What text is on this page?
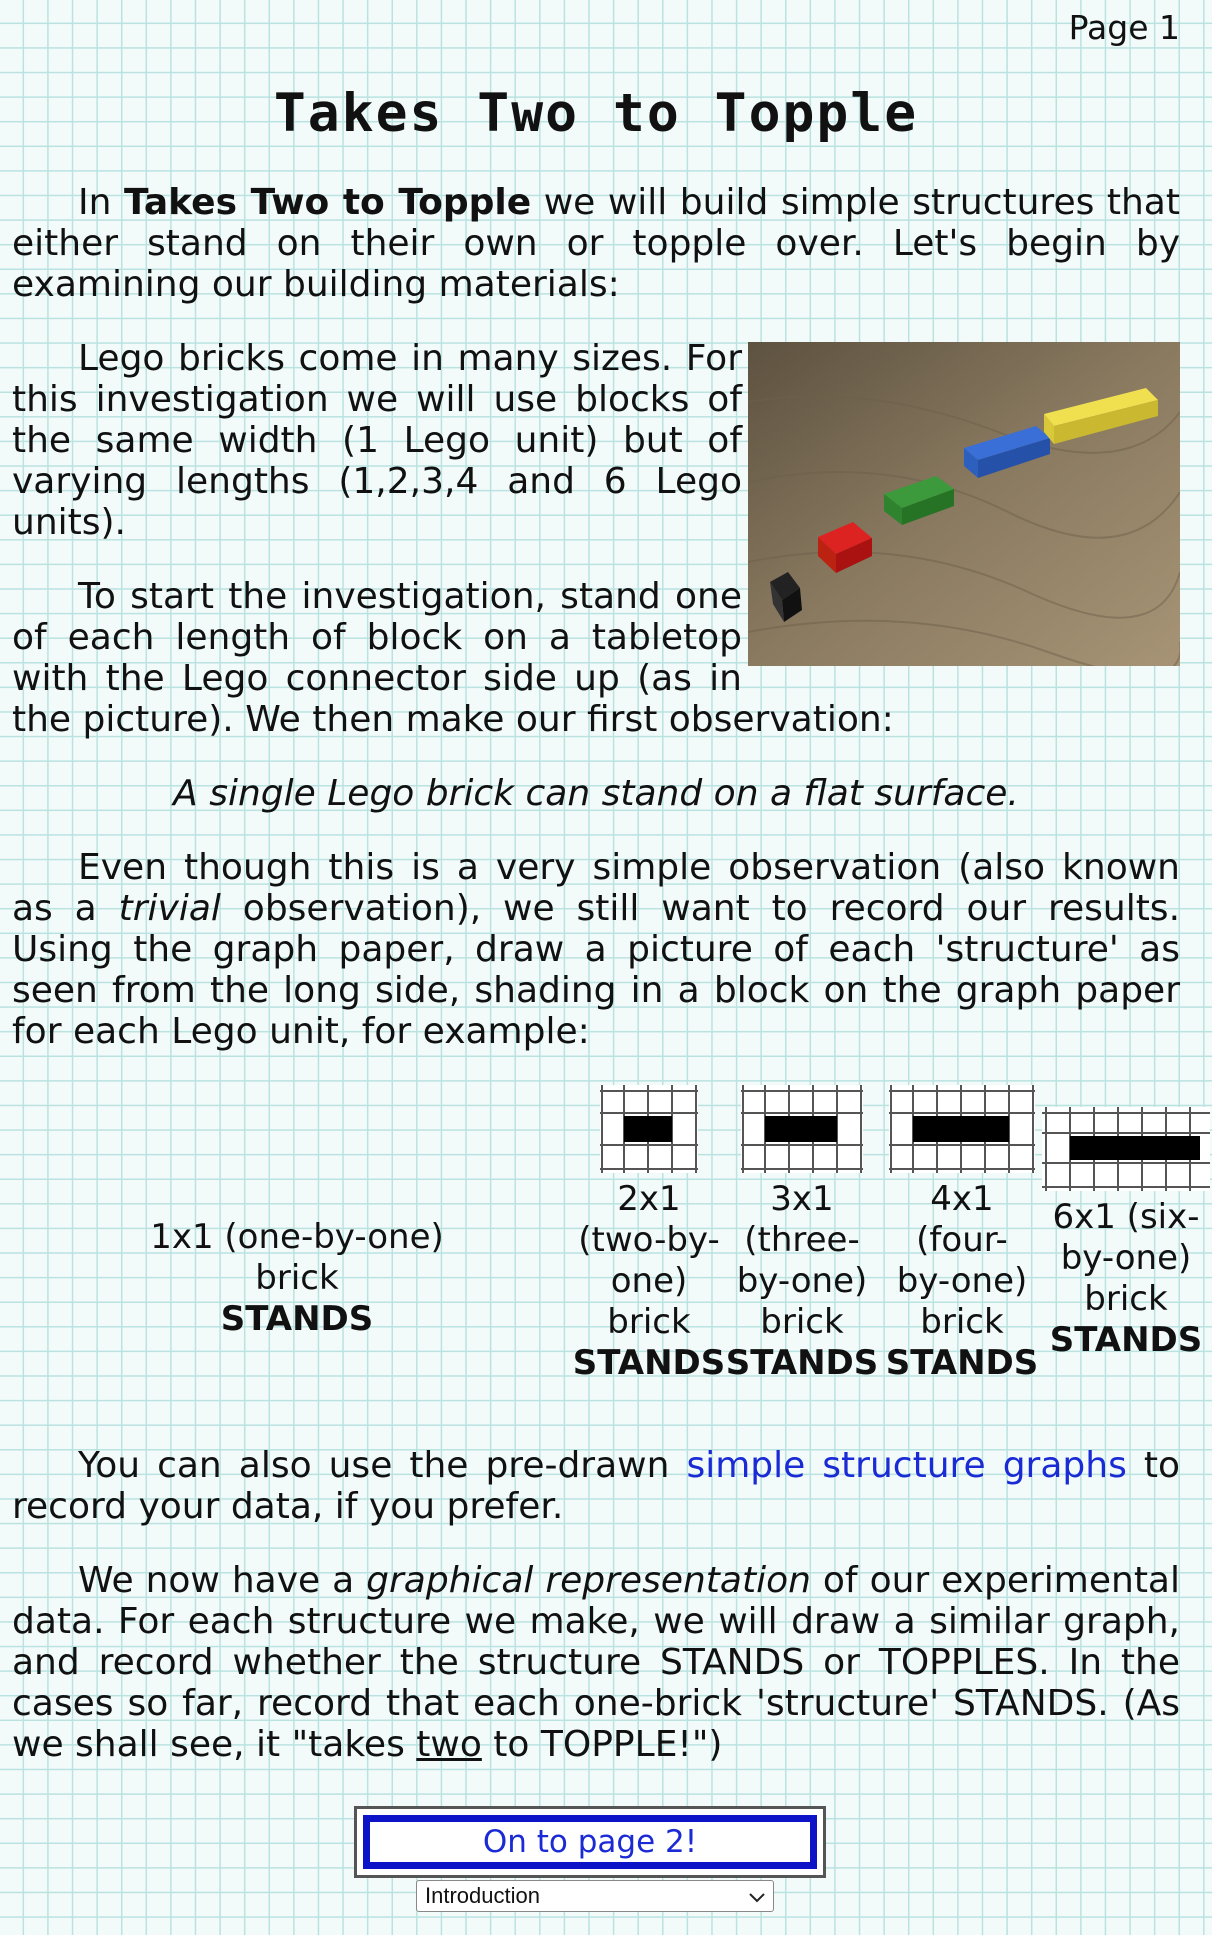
Page 1
Takes Two to Topple

In Takes Two to Topple we will build simple structures that either stand on their own or topple over. Let's begin by examining our building materials:

Lego bricks come in many sizes. For this investigation we will use blocks of the same width (1 Lego unit) but of varying lengths (1,2,3,4 and 6 Lego units).

To start the investigation, stand one of each length of block on a tabletop with the Lego connector side up (as in the picture). We then make our first observation:

A single Lego brick can stand on a flat surface.

Even though this is a very simple observation (also known as a trivial observation), we still want to record our results. Using the graph paper, draw a picture of each 'structure' as seen from the long side, shading in a block on the graph paper for each Lego unit, for example:

1x1 (one-by-one)
brick
STANDS
2x1
(two-by-
one)
brick
STANDS
3x1
(three-
by-one)
brick
STANDS
4x1
(four-
by-one)
brick
STANDS
6x1 (six-
by-one)
brick
STANDS

You can also use the pre-drawn simple structure graphs to record your data, if you prefer.

We now have a graphical representation of our experimental data. For each structure we make, we will draw a similar graph, and record whether the structure STANDS or TOPPLES. In the cases so far, record that each one-brick 'structure' STANDS. (As we shall see, it "takes two to TOPPLE!")

On to page 2!
Introduction
